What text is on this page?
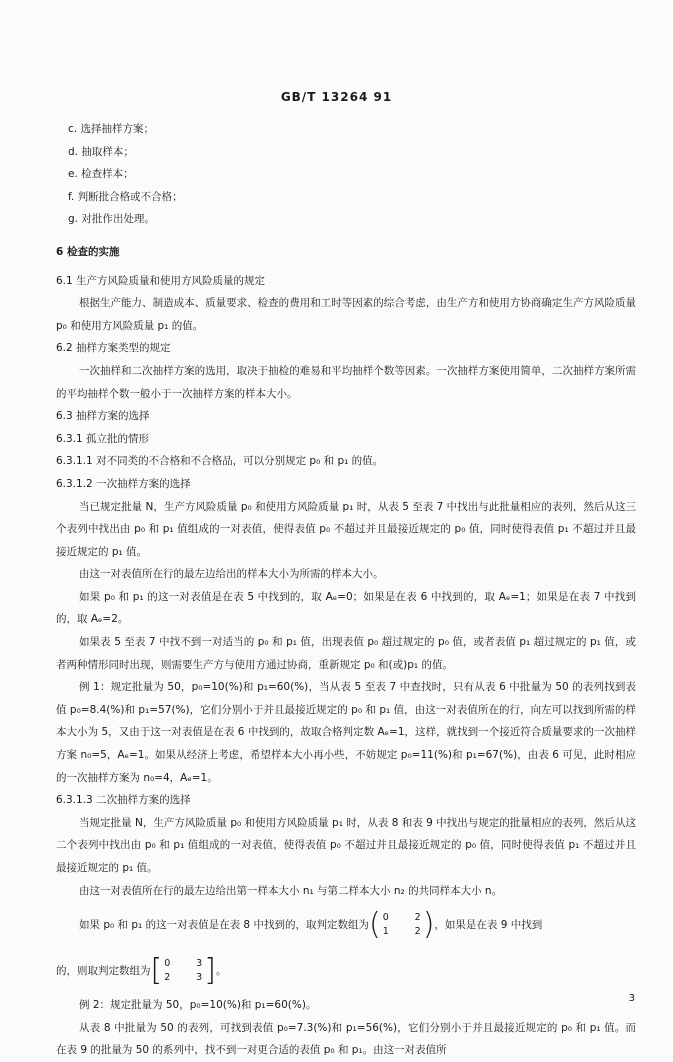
GB/T 13264 91

c. 选择抽样方案；

d. 抽取样本；

e. 检查样本；

f. 判断批合格或不合格；

g. 对批作出处理。

6 检查的实施

6.1 生产方风险质量和使用方风险质量的规定

根据生产能力、制造成本、质量要求、检查的费用和工时等因素的综合考虑，由生产方和使用方协商确定生产方风险质量 p₀ 和使用方风险质量 p₁ 的值。

6.2 抽样方案类型的规定

一次抽样和二次抽样方案的选用，取决于抽检的难易和平均抽样个数等因素。一次抽样方案使用简单，二次抽样方案所需的平均抽样个数一般小于一次抽样方案的样本大小。

6.3 抽样方案的选择

6.3.1 孤立批的情形

6.3.1.1 对不同类的不合格和不合格品，可以分别规定 p₀ 和 p₁ 的值。

6.3.1.2 一次抽样方案的选择

当已规定批量 N，生产方风险质量 p₀ 和使用方风险质量 p₁ 时，从表 5 至表 7 中找出与此批量相应的表列，然后从这三个表列中找出由 p₀ 和 p₁ 值组成的一对表值，使得表值 p₀ 不超过并且最接近规定的 p₀ 值，同时使得表值 p₁ 不超过并且最接近规定的 p₁ 值。

由这一对表值所在行的最左边给出的样本大小为所需的样本大小。

如果 p₀ 和 p₁ 的这一对表值是在表 5 中找到的，取 Aₑ=0；如果是在表 6 中找到的，取 Aₑ=1；如果是在表 7 中找到的，取 Aₑ=2。

如果表 5 至表 7 中找不到一对适当的 p₀ 和 p₁ 值，出现表值 p₀ 超过规定的 p₀ 值，或者表值 p₁ 超过规定的 p₁ 值，或者两种情形同时出现，则需要生产方与使用方通过协商，重新规定 p₀ 和(或)p₁ 的值。

例 1：规定批量为 50，p₀=10(%)和 p₁=60(%)，当从表 5 至表 7 中查找时，只有从表 6 中批量为 50 的表列找到表值 p₀=8.4(%)和 p₁=57(%)，它们分别小于并且最接近规定的 p₀ 和 p₁ 值，由这一对表值所在的行，向左可以找到所需的样本大小为 5，又由于这一对表值是在表 6 中找到的，故取合格判定数 Aₑ=1，这样，就找到一个接近符合质量要求的一次抽样方案 n₀=5，Aₑ=1。如果从经济上考虑，希望样本大小再小些，不妨规定 p₀=11(%)和 p₁=67(%)，由表 6 可见，此时相应的一次抽样方案为 n₀=4，Aₑ=1。

6.3.1.3 二次抽样方案的选择

当规定批量 N，生产方风险质量 p₀ 和使用方风险质量 p₁ 时，从表 8 和表 9 中找出与规定的批量相应的表列，然后从这二个表列中找出由 p₀ 和 p₁ 值组成的一对表值，使得表值 p₀ 不超过并且最接近规定的 p₀ 值，同时使得表值 p₁ 不超过并且最接近规定的 p₁ 值。

由这一对表值所在行的最左边给出第一样本大小 n₁ 与第二样本大小 n₂ 的共同样本大小 n。

如果 p₀ 和 p₁ 的这一对表值是在表 8 中找到的，取判定数组为 ( 0	2
1	2 ) ，如果是在表 9 中找到
的，则取判定数组为 [ 0	3
2	3 ] 。

例 2：规定批量为 50，p₀=10(%)和 p₁=60(%)。

从表 8 中批量为 50 的表列，可找到表值 p₀=7.3(%)和 p₁=56(%)，它们分别小于并且最接近规定的 p₀ 和 p₁ 值。而在表 9 的批量为 50 的系列中，找不到一对更合适的表值 p₀ 和 p₁。由这一对表值所

3
